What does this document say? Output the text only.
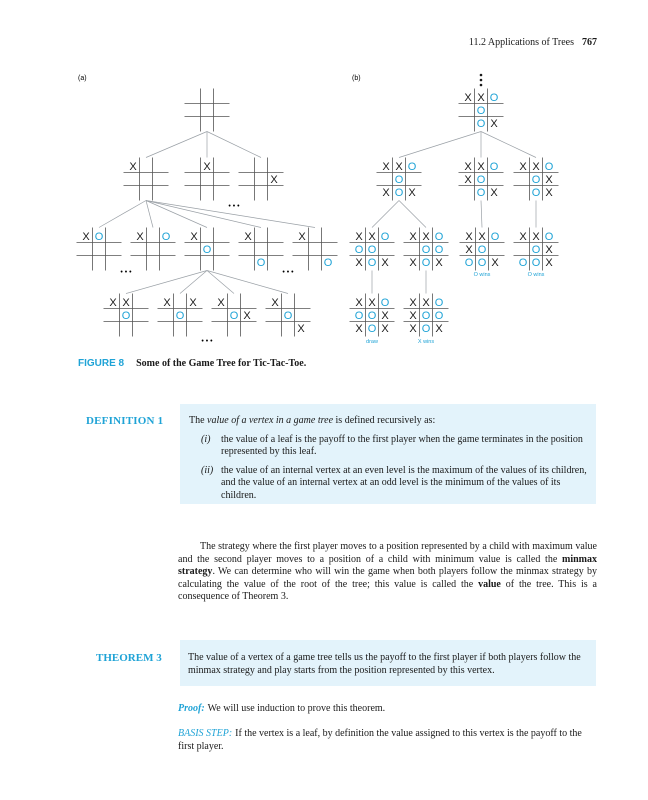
11.2 Applications of Trees 767
X	X
X
X O	X O X
O
X
O
X
O
X X
O
X X
O
X
O X
X
O
X
X X O
O
O X
X X O
O
X O X
X X O
X O
O X
X X O
O X
O X
X X O
O O
X O X
X X O
O O
X O X
X X O
X O
O O X
X X O
O X
O O X
X X O
O O X
X O X
X X O
X O O
X O X
(a)	(b)
• • •
• • •	• • •
• • •
O wins	O wins
draw	X wins
FIGURE 8 Some of the Game Tree for Tic-Tac-Toe.
DEFINITION 1	The value of a vertex in a game tree is defined recursively as:
(i) the value of a leaf is the payoff to the first player when the game terminates in the position represented by this leaf.
(ii) the value of an internal vertex at an even level is the maximum of the values of its children, and the value of an internal vertex at an odd level is the minimum of the values of its children.
The strategy where the first player moves to a position represented by a child with maximum value and the second player moves to a position of a child with minimum value is called the minmax strategy. We can determine who will win the game when both players follow the minmax strategy by calculating the value of the root of the tree; this value is called the value of the tree. This is a consequence of Theorem 3.
THEOREM 3	The value of a vertex of a game tree tells us the payoff to the first player if both players follow the minmax strategy and play starts from the position represented by this vertex.
Proof: We will use induction to prove this theorem.
BASIS STEP: If the vertex is a leaf, by definition the value assigned to this vertex is the payoff to the first player.
